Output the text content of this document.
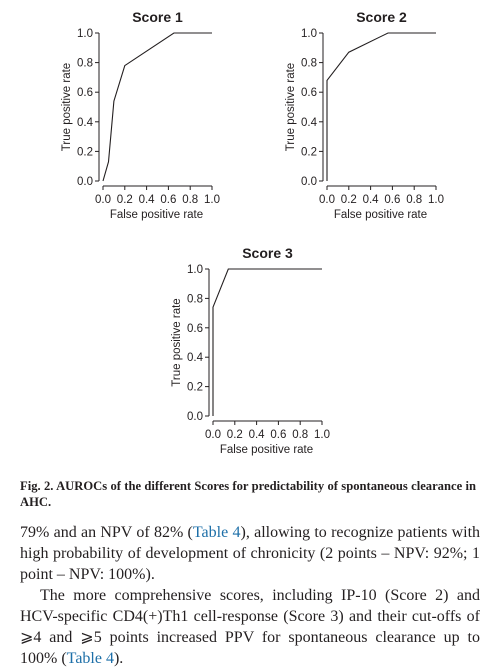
Score 1
0.0
0.2
0.4
0.6
0.8
1.0
0.0 0.2 0.4 0.6 0.8 1.0
False positive rate
True positive rate
Score 2
0.0
0.2
0.4
0.6
0.8
1.0
0.0 0.2 0.4 0.6 0.8 1.0
False positive rate
True positive rate
Score 3
0.0
0.2
0.4
0.6
0.8
1.0
0.0 0.2 0.4 0.6 0.8 1.0
False positive rate
True positive rate
Fig. 2. AUROCs of the different Scores for predictability of spontaneous clearance in AHC.

79% and an NPV of 82% (Table 4), allowing to recognize patients with high probability of development of chronicity (2 points – NPV: 92%; 1 point – NPV: 100%).

The more comprehensive scores, including IP-10 (Score 2) and HCV-specific CD4(+)Th1 cell-response (Score 3) and their cut-offs of ⩾4 and ⩾5 points increased PPV for spontaneous clearance up to 100% (Table 4).
